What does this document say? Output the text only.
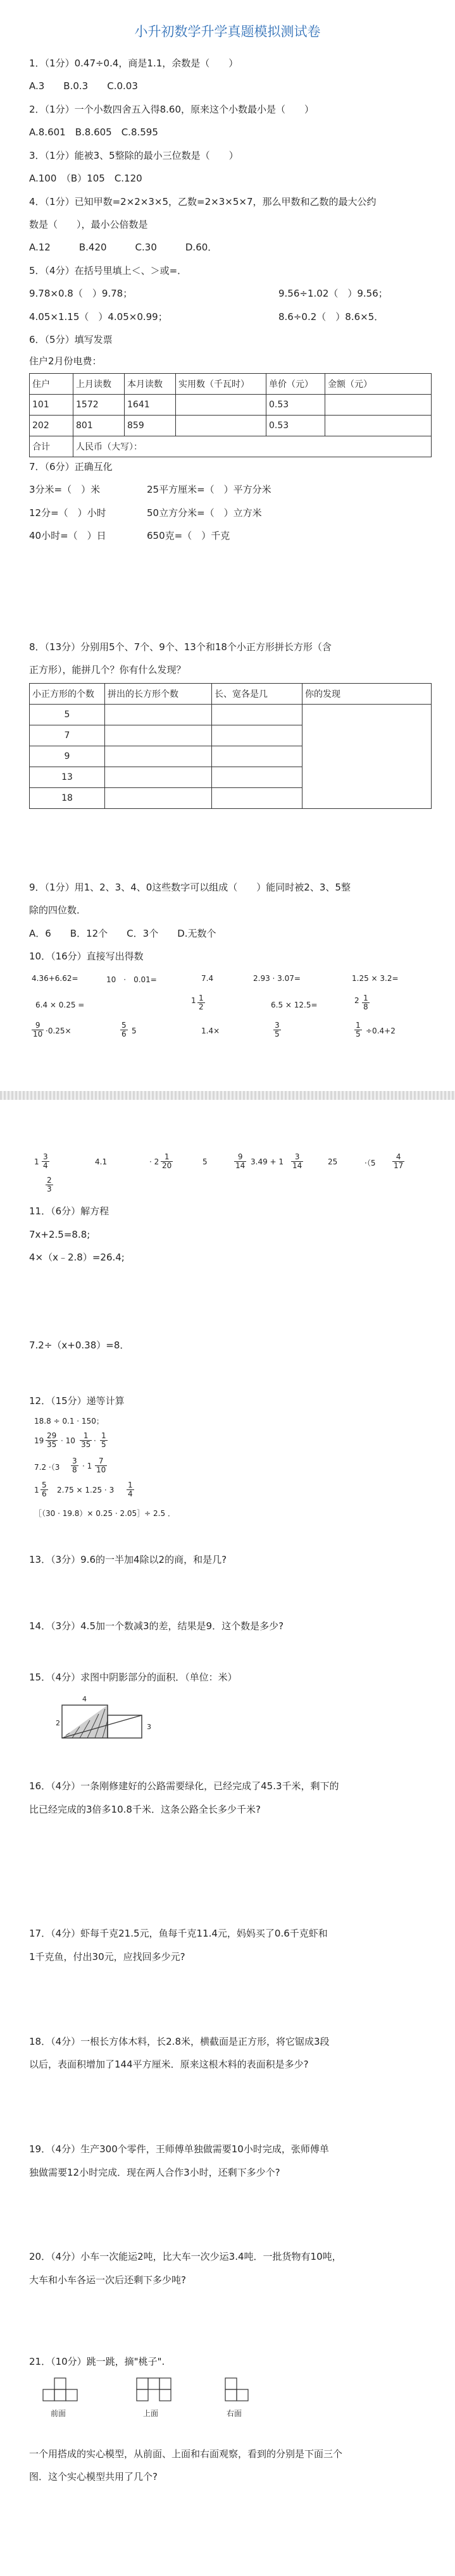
小升初数学升学真题模拟测试卷
1．（1分）0.47÷0.4，商是1.1，余数是（　　）
A.3　　B.0.3　　C.0.03
2．（1分）一个小数四舍五入得8.60，原来这个小数最小是（　　）
A.8.601　B.8.605　C.8.595
3．（1分）能被3、5整除的最小三位数是（　　）
A.100　（B）105　C.120
4．（1分）已知甲数=2×2×3×5，乙数=2×3×5×7，那么甲数和乙数的最大公约
数是（　　），最小公倍数是
A.12　　　B.420　　　C.30　　　D.60．
5．（4分）在括号里填上＜、＞或=．
9.78×0.8（　）9.78；	9.56÷1.02（　）9.56；
4.05×1.15（　）4.05×0.99；	8.6÷0.2（　）8.6×5．
6．（5分）填写发票
住户2月份电费：
住户	上月读数	本月读数	实用数（千瓦时）	单价（元）	金额（元）
101	1572	1641		0.53	
202	801	859		0.53	
合计	人民币（大写）：				
7．（6分）正确互化
3分米=（　）米	25平方厘米=（　）平方分米
12分=（　）小时	50立方分米=（　）立方米
40小时=（　）日	650克=（　）千克
8．（13分）分别用5个、7个、9个、13个和18个小正方形拼长方形（含
正方形），能拼几个？你有什么发现？
小正方形的个数	拼出的长方形个数	长、宽各是几	你的发现
5			
7			
9			
13			
18			
9．（1分）用1、2、3、4、0这些数字可以组成（　　）能同时被2、3、5整
除的四位数．
A．6　　B．12个　　C．3个　　D.无数个
10．（16分）直接写出得数
4.36+6.62=	10　·　0.01=	7.4	2.93 · 3.07=	1.25 × 3.2=
6.4 × 0.25 =	$1 \frac{1}{2}$	6.5 × 12.5=	$2 \frac{1}{8}$
$\frac{9}{10} \cdot 0.25\times$	$\frac{5}{6} 5$	1.4×	$\frac{3}{5}$	$\frac{1}{5} \div 0.4+2$
$1 \frac{3}{4}$	4.1	· $2 \frac{1}{20}$	5	$\frac{9}{14} 3.49 + 1 \frac{3}{14}$	25	$\cdot(5 \frac{4}{17}$
$\frac{2}{3}$
11．（6分）解方程
7x+2.5=8.8;
4×（x﹣2.8）=26.4;
7.2÷（x+0.38）=8．
12．（15分）递等计算
18.8 ÷ 0.1 · 150；
$19 \frac{29}{35} \cdot 10 \frac{1}{35} \cdot \frac{1}{5}$
$7.2 \cdot(3 \frac{3}{8} \cdot 1 \frac{7}{10}$
$1 \frac{5}{6} 2.75 \times 1.25 \cdot 3 \frac{1}{4}$
［（30 · 19.8）× 0.25 · 2.05］÷ 2.5 ．
13．（3分）9.6的一半加4除以2的商，和是几?
14．（3分）4.5加一个数减3的差，结果是9．这个数是多少?
15．（4分）求图中阴影部分的面积．（单位：米）
4
2	3
16．（4分）一条刚修建好的公路需要绿化，已经完成了45.3千米，剩下的
比已经完成的3倍多10.8千米．这条公路全长多少千米?
17．（4分）虾每千克21.5元，鱼每千克11.4元，妈妈买了0.6千克虾和
1千克鱼，付出30元，应找回多少元?
18．（4分）一根长方体木料，长2.8米，横截面是正方形，将它锯成3段
以后，表面积增加了144平方厘米．原来这根木料的表面积是多少?
19．（4分）生产300个零件，王师傅单独做需要10小时完成，张师傅单
独做需要12小时完成．现在两人合作3小时，还剩下多少个?
20．（4分）小车一次能运2吨，比大车一次少运3.4吨．一批货物有10吨，
大车和小车各运一次后还剩下多少吨?
21．（10分）跳一跳，摘"桃子".
前面	上面	右面
一个用搭成的实心模型，从前面、上面和右面观察，看到的分别是下面三个
图．这个实心模型共用了几个?
